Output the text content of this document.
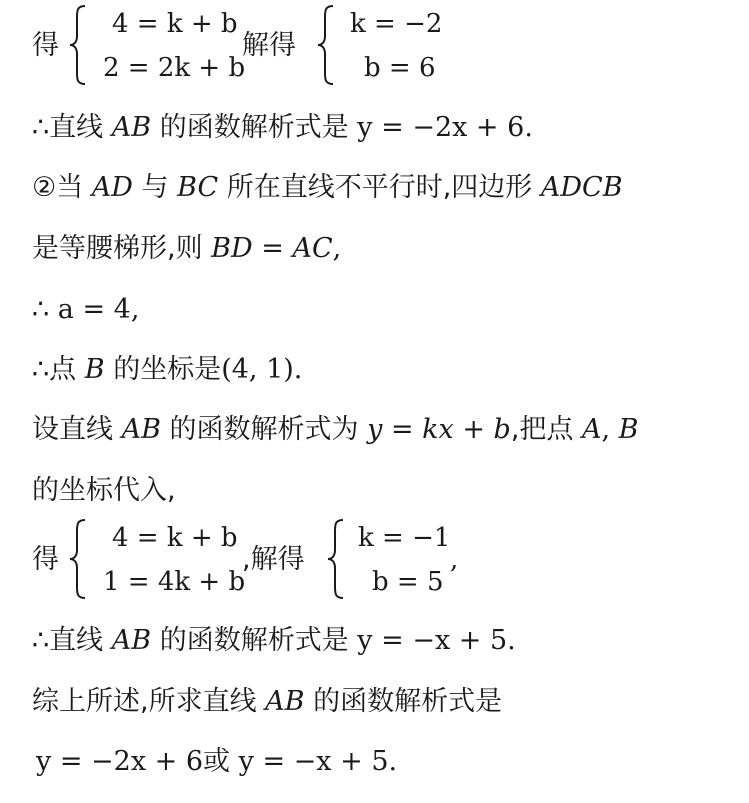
得
4 = k + b
2 = 2k + b
解得
k = −2
b = 6
∴直线 AB 的函数解析式是 y = −2x + 6.
②当 AD 与 BC 所在直线不平行时,四边形 ADCB
是等腰梯形,则 BD = AC,
∴ a = 4,
∴点 B 的坐标是(4, 1).
设直线 AB 的函数解析式为 y = kx + b,把点 A, B
的坐标代入,
得
4 = k + b
1 = 4k + b
,解得
k = −1
b = 5
,
∴直线 AB 的函数解析式是 y = −x + 5.
综上所述,所求直线 AB 的函数解析式是
y = −2x + 6或 y = −x + 5.
